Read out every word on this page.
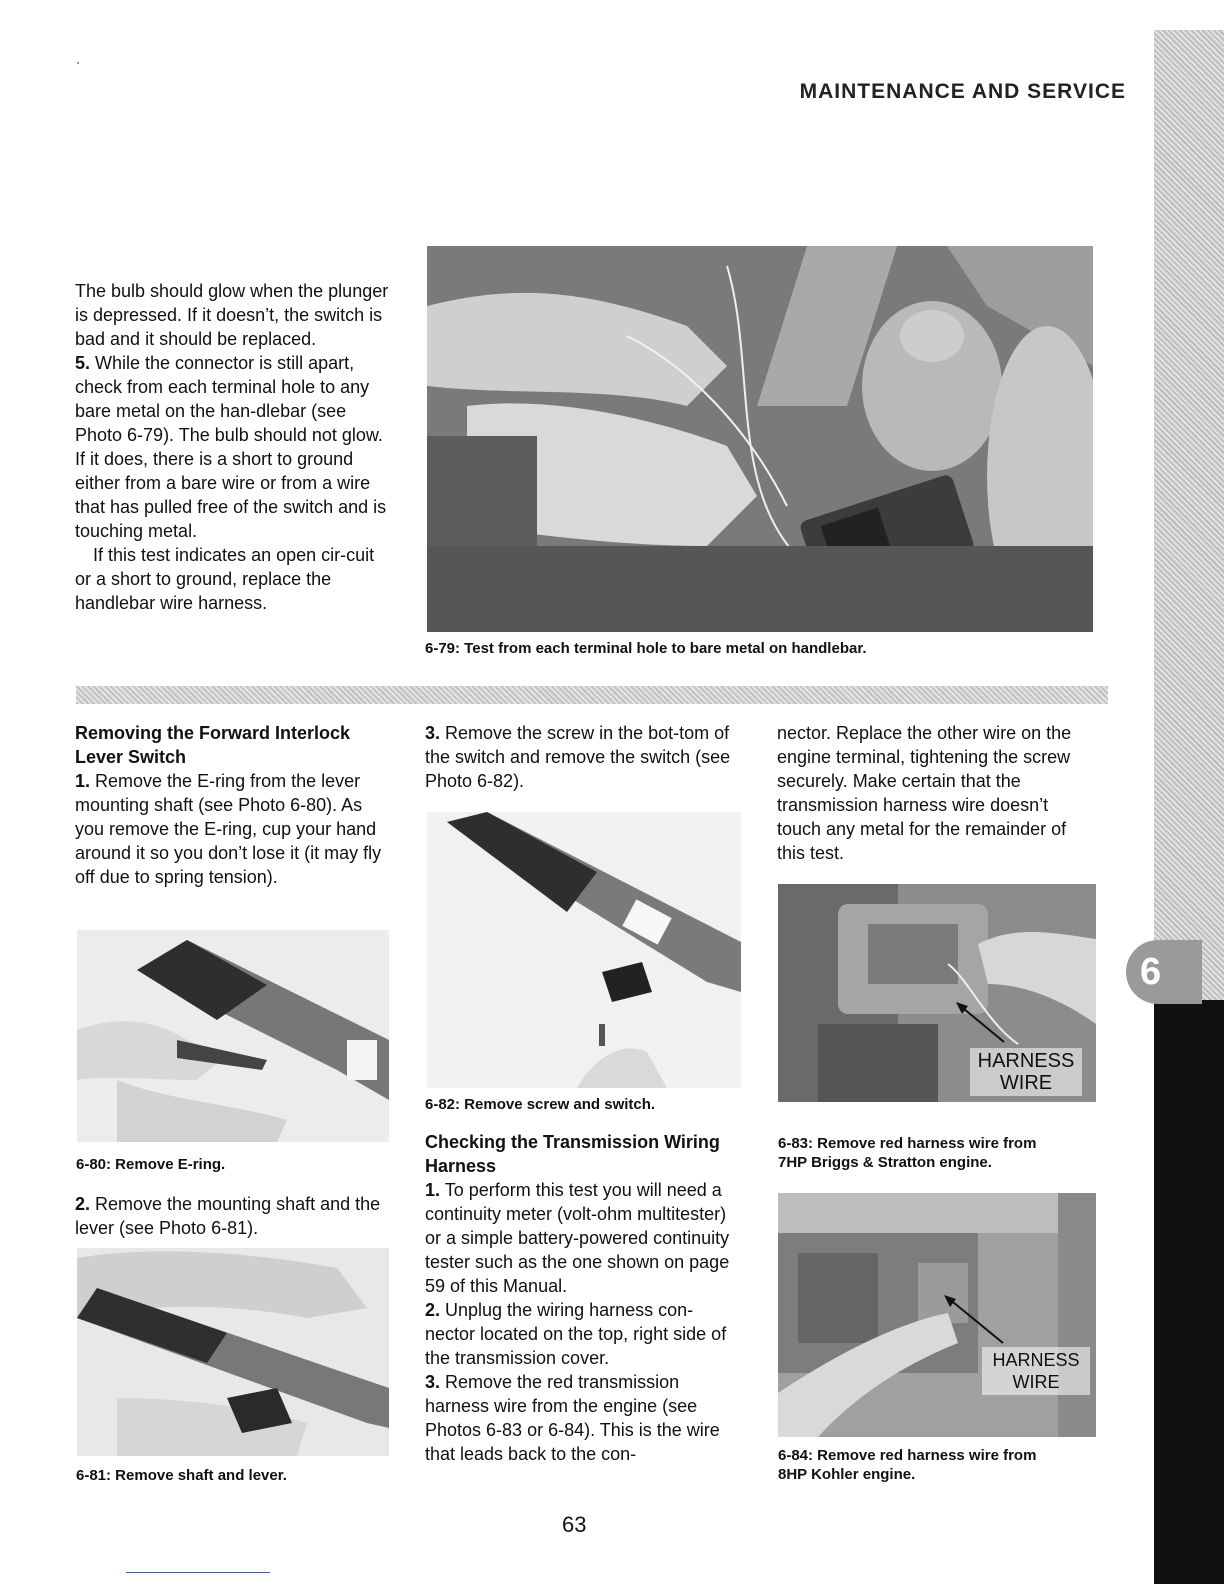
MAINTENANCE AND SERVICE
6

The bulb should glow when the plunger is depressed. If it doesn’t, the switch is bad and it should be replaced.

5. While the connector is still apart, check from each terminal hole to any bare metal on the han-dlebar (see Photo 6-79). The bulb should not glow. If it does, there is a short to ground either from a bare wire or from a wire that has pulled free of the switch and is touching metal.

If this test indicates an open cir-cuit or a short to ground, replace the handlebar wire harness.

6-79: Test from each terminal hole to bare metal on handlebar.

Removing the Forward Interlock
Lever Switch

1. Remove the E-ring from the lever mounting shaft (see Photo 6-80). As you remove the E-ring, cup your hand around it so you don’t lose it (it may fly off due to spring tension).

6-80: Remove E-ring.

2. Remove the mounting shaft and the lever (see Photo 6-81).

6-81: Remove shaft and lever.

3. Remove the screw in the bot-tom of the switch and remove the switch (see Photo 6-82).

6-82: Remove screw and switch.

Checking the Transmission Wiring
Harness

1. To perform this test you will need a continuity meter (volt-ohm multitester) or a simple battery-powered continuity tester such as the one shown on page 59 of this Manual.

2. Unplug the wiring harness con-nector located on the top, right side of the transmission cover.

3. Remove the red transmission harness wire from the engine (see Photos 6-83 or 6-84). This is the wire that leads back to the con-

nector. Replace the other wire on the engine terminal, tightening the screw securely. Make certain that the transmission harness wire doesn’t touch any metal for the remainder of this test.

HARNESS
WIRE
6-83: Remove red harness wire from
7HP Briggs & Stratton engine.
HARNESS
WIRE
6-84: Remove red harness wire from
8HP Kohler engine.
63
